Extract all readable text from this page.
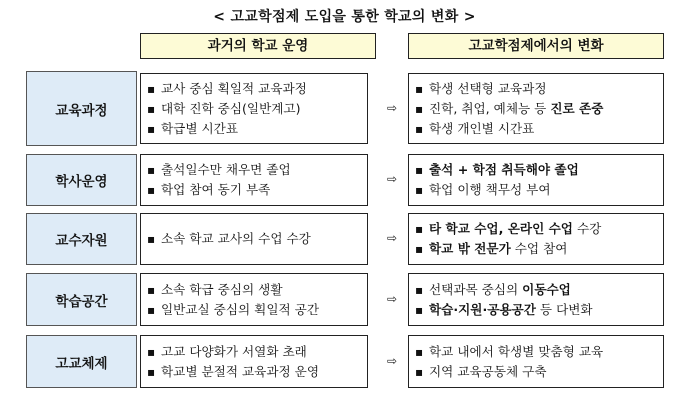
< 고교학점제 도입을 통한 학교의 변화 >
과거의 학교 운영	고교학점제에서의 변화
교육과정
▪ 교사 중심 획일적 교육과정
▪ 대학 진학 중심(일반계고)
▪ 학급별 시간표
⇨
▪ 학생 선택형 교육과정
▪ 진학, 취업, 예체능 등 진로 존중
▪ 학생 개인별 시간표
학사운영
▪ 출석일수만 채우면 졸업
▪ 학업 참여 동기 부족
⇨
▪ 출석 + 학점 취득해야 졸업
▪ 학업 이행 책무성 부여
교수자원
▪	소속 학교 교사의 수업 수강	⇨
▪ 타 학교 수업, 온라인 수업 수강
▪ 학교 밖 전문가 수업 참여
학습공간
▪ 소속 학급 중심의 생활
▪ 일반교실 중심의 획일적 공간
⇨
▪ 선택과목 중심의 이동수업
▪ 학습·지원·공용공간 등 다변화
고교체제
▪ 고교 다양화가 서열화 초래
▪ 학교별 분절적 교육과정 운영
⇨
▪ 학교 내에서 학생별 맞춤형 교육
▪ 지역 교육공동체 구축
